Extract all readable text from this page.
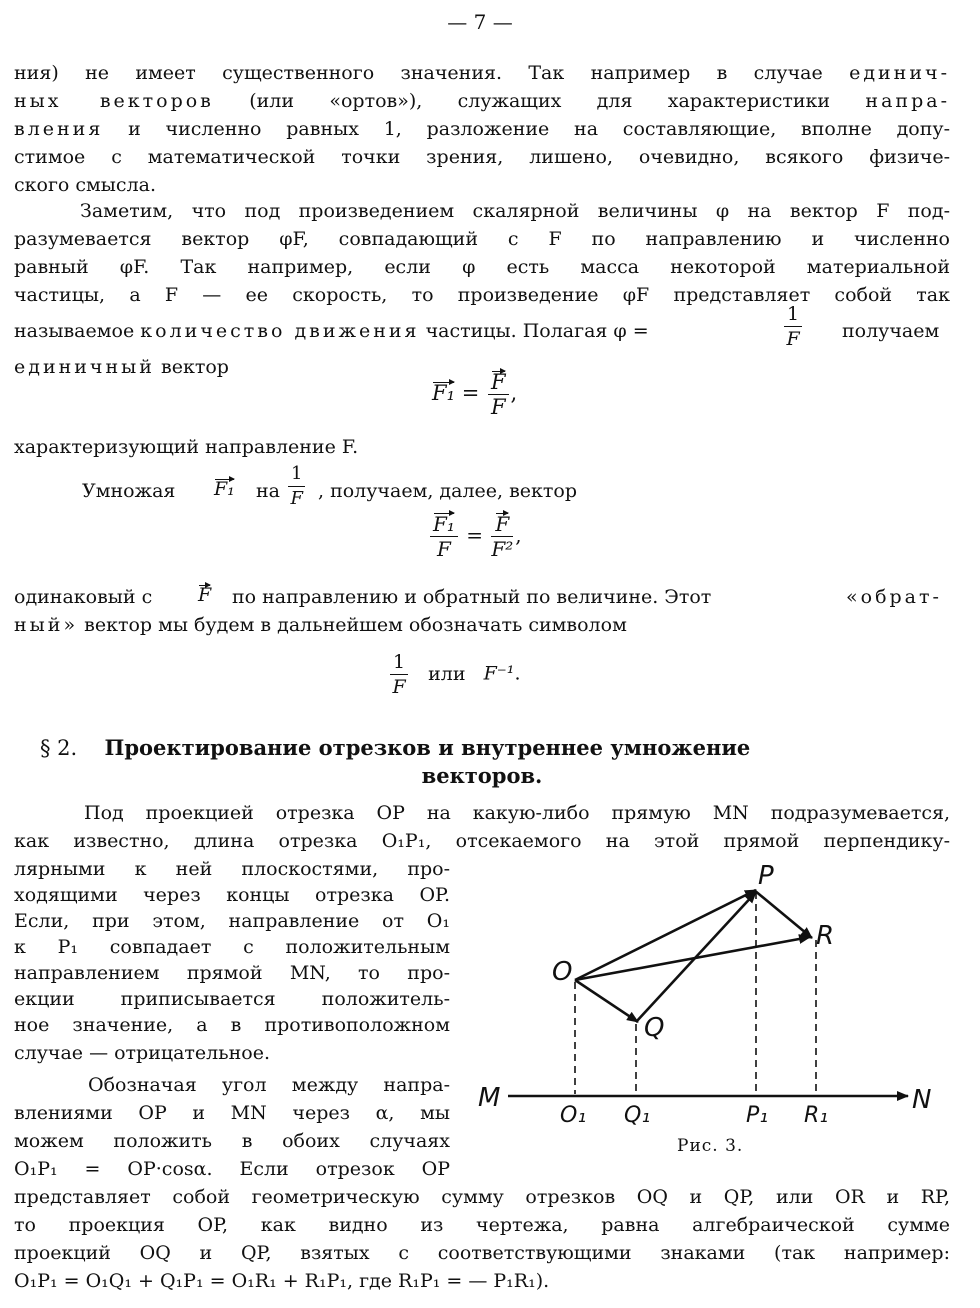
— 7 —
ния) не имеет существенного значения. Так например в случае единич-
ных векторов (или «ортов»), служащих для характеристики напра-
вления и численно равных 1, разложение на составляющие, вполне допу-
стимое с математической точки зрения, лишено, очевидно, всякого физиче-
ского смысла.
Заметим, что под произведением скалярной величины φ на вектор F под-
разумевается вектор φF, совпадающий с F по направлению и численно
равный φF. Так например, если φ есть масса некоторой материальной
частицы, а F — ее скорость, то произведение φF представляет собой так
называемое количество движения частицы. Полагая φ =	$\frac{1}{F}$ получаем
единичный вектор
$F_1 = \frac{F}{F}$ ,
характеризующий направление F.
Умножая	F₁ на $\frac{1}{F}$ , получаем, далее, вектор
$\frac{\text{F₁}}{F} = \frac{F}{\text{F²}}$ ,
одинаковый с	F по направлению и обратный по величине. Этот	«обрат-
ный» вектор мы будем в дальнейшем обозначать символом
$\frac{1}{F}$ или F⁻¹.
§ 2. Проектирование отрезков и внутреннее умножение
векторов.
Под проекцией отрезка OP на какую-либо прямую MN подразумевается,
как известно, длина отрезка O₁P₁, отсекаемого на этой прямой перпендику-
лярными к ней плоскостями, про-
ходящими через концы отрезка OP.
Если, при этом, направление от O₁
к P₁ совпадает с положительным
направлением прямой MN, то про-
екции приписывается положитель-
ное значение, а в противоположном
случае — отрицательное.
Обозначая угол между напра-
влениями OP и MN через α, мы
можем положить в обоих случаях
O₁P₁ = OP·cosα. Если отрезок OP
представляет собой геометрическую сумму отрезков OQ и QP, или OR и RP,
то проекция OP, как видно из чертежа, равна алгебраической сумме
проекций OQ и QP, взятых с соответствующими знаками (так например:
O₁P₁ = O₁Q₁ + Q₁P₁ = O₁R₁ + R₁P₁, где R₁P₁ = — P₁R₁).
O
P
Q
R
M	N
O₁ Q₁	P₁ R₁
Рис. 3.
